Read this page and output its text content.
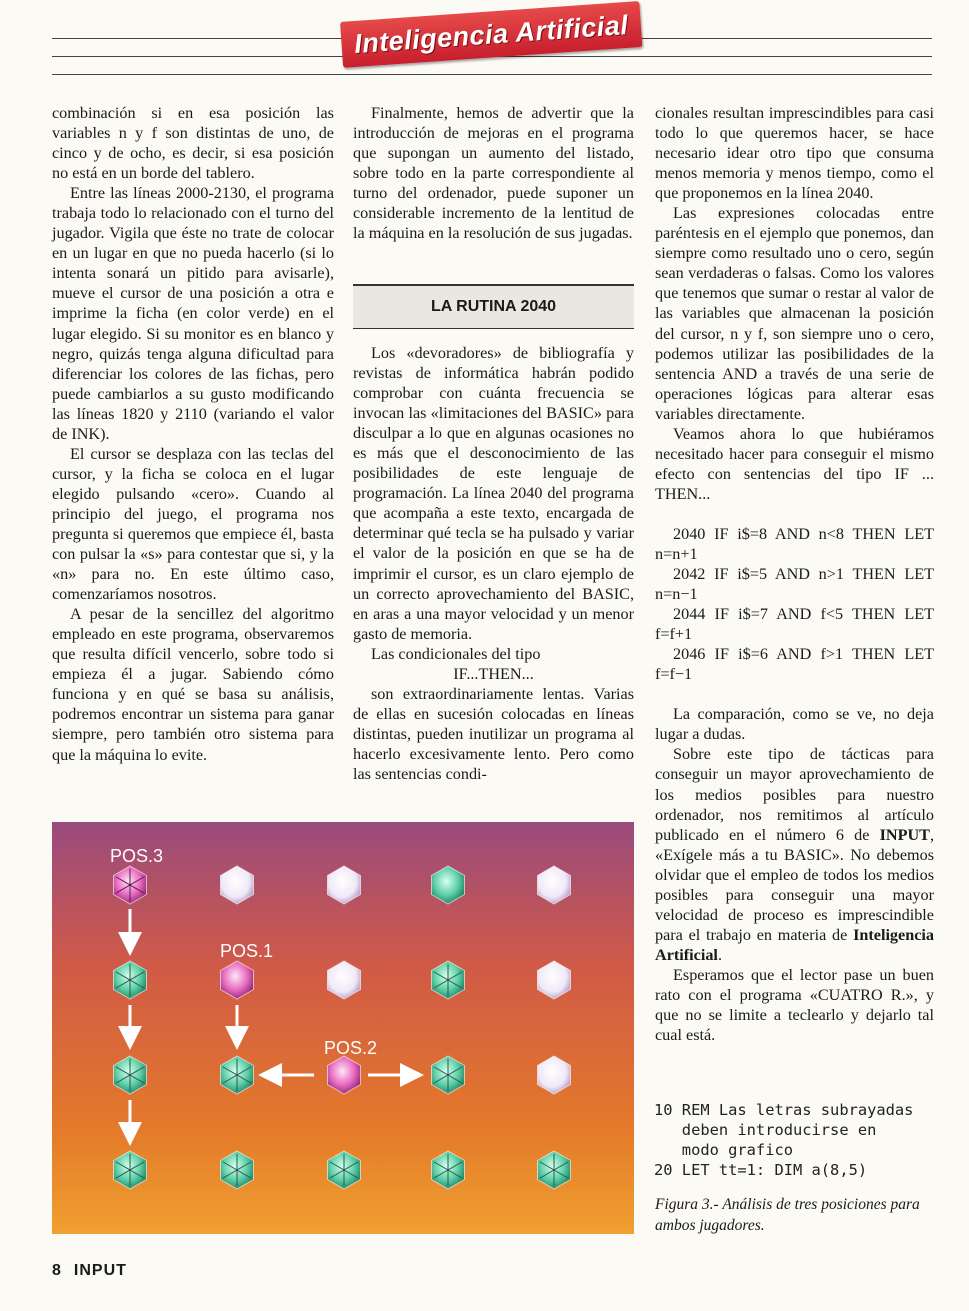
Inteligencia Artificial

combinación si en esa posición las variables n y f son distintas de uno, de cinco y de ocho, es decir, si esa posición no está en un borde del tablero.

Entre las líneas 2000-2130, el programa trabaja todo lo relacionado con el turno del jugador. Vigila que éste no trate de colocar en un lugar en que no pueda hacerlo (si lo intenta sonará un pitido para avisarle), mueve el cursor de una posición a otra e imprime la ficha (en color verde) en el lugar elegido. Si su monitor es en blanco y negro, quizás tenga alguna dificultad para diferenciar los colores de las fichas, pero puede cambiarlos a su gusto modificando las líneas 1820 y 2110 (variando el valor de INK).

El cursor se desplaza con las teclas del cursor, y la ficha se coloca en el lugar elegido pulsando «cero». Cuando al principio del juego, el programa nos pregunta si queremos que empiece él, basta con pulsar la «s» para contestar que si, y la «n» para no. En este último caso, comenzaríamos nosotros.

A pesar de la sencillez del algoritmo empleado en este programa, observaremos que resulta difícil vencerlo, sobre todo si empieza él a jugar. Sabiendo cómo funciona y en qué se basa su análisis, podremos encontrar un sistema para ganar siempre, pero también otro sistema para que la máquina lo evite.

Finalmente, hemos de advertir que la introducción de mejoras en el programa que supongan un aumento del listado, sobre todo en la parte correspondiente al turno del ordenador, puede suponer un considerable incremento de la lentitud de la máquina en la resolución de sus jugadas.

LA RUTINA 2040

Los «devoradores» de bibliografía y revistas de informática habrán podido comprobar con cuánta frecuencia se invocan las «limitaciones del BASIC» para disculpar a lo que en algunas ocasiones no es más que el desconocimiento de las posibilidades de este lenguaje de programación. La línea 2040 del programa que acompaña a este texto, encargada de determinar qué tecla se ha pulsado y variar el valor de la posición en que se ha de imprimir el cursor, es un claro ejemplo de un correcto aprovechamiento del BASIC, en aras a una mayor velocidad y un menor gasto de memoria.

Las condicionales del tipo

IF...THEN...

son extraordinariamente lentas. Varias de ellas en sucesión colocadas en líneas distintas, pueden inutilizar un programa al hacerlo excesivamente lento. Pero como las sentencias condi-

cionales resultan imprescindibles para casi todo lo que queremos hacer, se hace necesario idear otro tipo que consuma menos memoria y menos tiempo, como el que proponemos en la línea 2040.

Las expresiones colocadas entre paréntesis en el ejemplo que ponemos, dan siempre como resultado uno o cero, según sean verdaderas o falsas. Como los valores que tenemos que sumar o restar al valor de las variables que almacenan la posición del cursor, n y f, son siempre uno o cero, podemos utilizar las posibilidades de la sentencia AND a través de una serie de operaciones lógicas para alterar esas variables directamente.

Veamos ahora lo que hubiéramos necesitado hacer para conseguir el mismo efecto con sentencias del tipo IF ... THEN...

2040 IF i$=8 AND n<8 THEN LET n=n+1

2042 IF i$=5 AND n>1 THEN LET n=n−1

2044 IF i$=7 AND f<5 THEN LET f=f+1

2046 IF i$=6 AND f>1 THEN LET f=f−1

La comparación, como se ve, no deja lugar a dudas.

Sobre este tipo de tácticas para conseguir un mayor aprovechamiento de los medios posibles para nuestro ordenador, nos remitimos al artículo publicado en el número 6 de INPUT, «Exígele más a tu BASIC». No debemos olvidar que el empleo de todos los medios posibles para conseguir una mayor velocidad de proceso es imprescindible para el trabajo en materia de Inteligencia Artificial.

Esperamos que el lector pase un buen rato con el programa «CUATRO R.», y que no se limite a teclearlo y dejarlo tal cual está.

10 REM Las letras subrayadas
deben introducirse en
modo grafico
20 LET tt=1: DIM a(8,5)
Figura 3.- Análisis de tres posiciones para ambos jugadores.
POS.3
POS.1
POS.2
8 INPUT
